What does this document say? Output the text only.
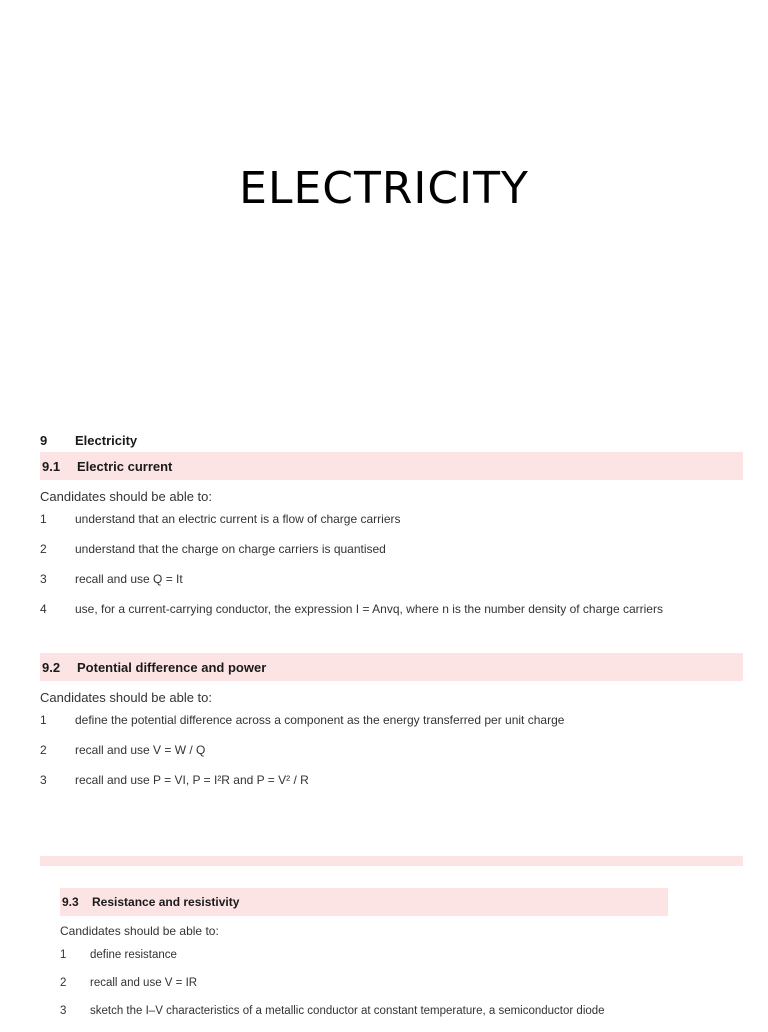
ELECTRICITY
9	Electricity
9.1	Electric current
Candidates should be able to:
1	understand that an electric current is a flow of charge carriers
2	understand that the charge on charge carriers is quantised
3	recall and use Q = It
4	use, for a current-carrying conductor, the expression I = Anvq, where n is the number density of charge carriers
9.2	Potential difference and power
Candidates should be able to:
1	define the potential difference across a component as the energy transferred per unit charge
2	recall and use V = W / Q
3	recall and use P = VI, P = I²R and P = V² / R
9.3	Resistance and resistivity
Candidates should be able to:
1	define resistance
2	recall and use V = IR
3	sketch the I–V characteristics of a metallic conductor at constant temperature, a semiconductor diode
